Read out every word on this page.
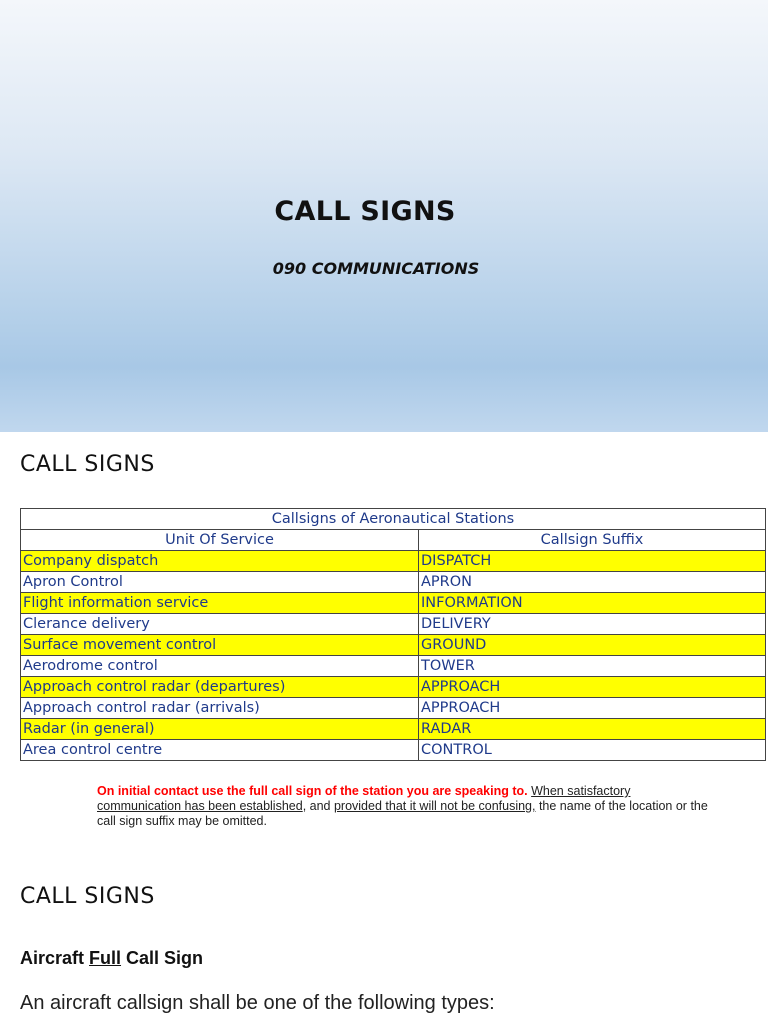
CALL SIGNS
090 COMMUNICATIONS
CALL SIGNS
Callsigns of Aeronautical Stations	
Unit Of Service	Callsign Suffix
Company dispatch	DISPATCH
Apron Control	APRON
Flight information service	INFORMATION
Clerance delivery	DELIVERY
Surface movement control	GROUND
Aerodrome control	TOWER
Approach control radar (departures)	APPROACH
Approach control radar (arrivals)	APPROACH
Radar (in general)	RADAR
Area control centre	CONTROL
On initial contact use the full call sign of the station you are speaking to. When satisfactory communication has been established, and provided that it will not be confusing, the name of the location or the call sign suffix may be omitted.
CALL SIGNS
Aircraft Full Call Sign
An aircraft callsign shall be one of the following types:
